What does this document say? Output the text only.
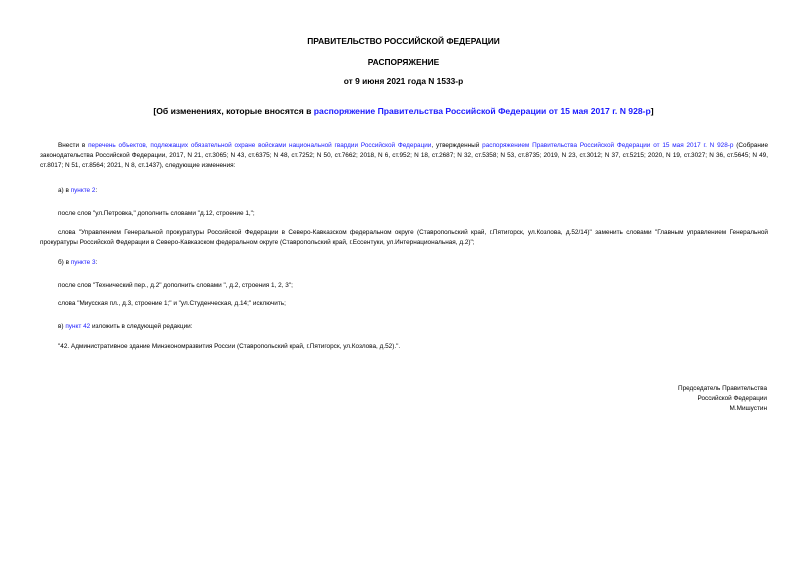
ПРАВИТЕЛЬСТВО РОССИЙСКОЙ ФЕДЕРАЦИИ
РАСПОРЯЖЕНИЕ
от 9 июня 2021 года N 1533-р
[Об изменениях, которые вносятся в распоряжение Правительства Российской Федерации от 15 мая 2017 г. N 928-р]
Внести в перечень объектов, подлежащих обязательной охране войсками национальной гвардии Российской Федерации, утвержденный распоряжением Правительства Российской Федерации от 15 мая 2017 г. N 928-р (Собрание законодательства Российской Федерации, 2017, N 21, ст.3065; N 43, ст.6375; N 48, ст.7252; N 50, ст.7662; 2018, N 6, ст.952; N 18, ст.2687; N 32, ст.5358; N 53, ст.8735; 2019, N 23, ст.3012; N 37, ст.5215; 2020, N 19, ст.3027; N 36, ст.5645; N 49, ст.8017; N 51, ст.8564; 2021, N 8, ст.1437), следующие изменения:
а) в пункте 2:
после слов "ул.Петровка," дополнить словами "д.12, строение 1,";
слова "Управлением Генеральной прокуратуры Российской Федерации в Северо-Кавказском федеральном округе (Ставропольский край, г.Пятигорск, ул.Козлова, д.52/14)" заменить словами "Главным управлением Генеральной прокуратуры Российской Федерации в Северо-Кавказском федеральном округе (Ставропольский край, г.Ессентуки, ул.Интернациональная, д.2)";
б) в пункте 3:
после слов "Технический пер., д.2" дополнить словами ", д.2, строения 1, 2, 3";
слова "Миусская пл., д.3, строение 1;" и "ул.Студенческая, д.14;" исключить;
в) пункт 42 изложить в следующей редакции:
"42. Административное здание Минэкономразвития России (Ставропольский край, г.Пятигорск, ул.Козлова, д.52).".
Председатель Правительства
Российской Федерации
М.Мишустин
